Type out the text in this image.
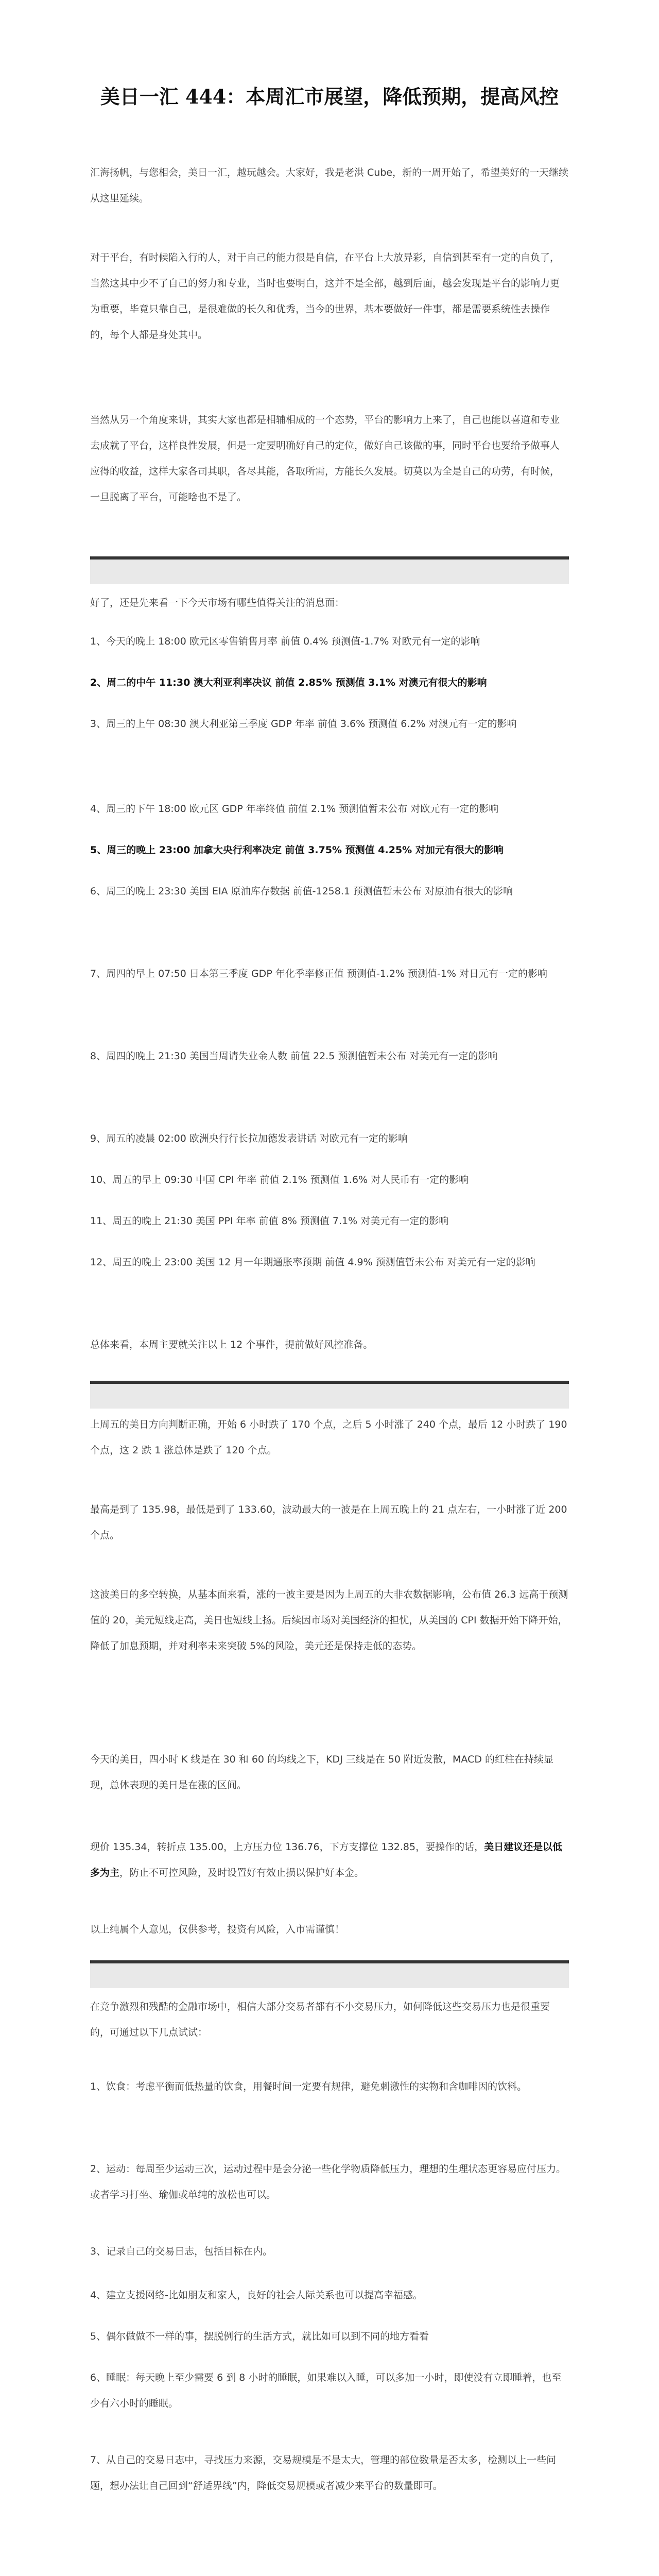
美日一汇 444：本周汇市展望，降低预期，提高风控

汇海扬帆，与您相会，美日一汇，越玩越会。大家好，我是老洪 Cube，新的一周开始了，希望美好的一天继续从这里延续。

对于平台，有时候陷入行的人，对于自己的能力很是自信，在平台上大放异彩，自信到甚至有一定的自负了，当然这其中少不了自己的努力和专业，当时也要明白，这并不是全部，越到后面，越会发现是平台的影响力更为重要，毕竟只靠自己，是很难做的长久和优秀，当今的世界，基本要做好一件事，都是需要系统性去操作的，每个人都是身处其中。

当然从另一个角度来讲，其实大家也都是相辅相成的一个态势，平台的影响力上来了，自己也能以喜道和专业去成就了平台，这样良性发展，但是一定要明确好自己的定位，做好自己该做的事，同时平台也要给予做事人应得的收益，这样大家各司其职，各尽其能，各取所需，方能长久发展。切莫以为全是自己的功劳，有时候，一旦脱离了平台，可能啥也不是了。

好了，还是先来看一下今天市场有哪些值得关注的消息面：

1、今天的晚上 18:00 欧元区零售销售月率 前值 0.4% 预测值-1.7% 对欧元有一定的影响

2、周二的中午 11:30 澳大利亚利率决议 前值 2.85% 预测值 3.1% 对澳元有很大的影响

3、周三的上午 08:30 澳大利亚第三季度 GDP 年率 前值 3.6% 预测值 6.2% 对澳元有一定的影响

4、周三的下午 18:00 欧元区 GDP 年率终值 前值 2.1% 预测值暂未公布 对欧元有一定的影响

5、周三的晚上 23:00 加拿大央行利率决定 前值 3.75% 预测值 4.25% 对加元有很大的影响

6、周三的晚上 23:30 美国 EIA 原油库存数据 前值-1258.1 预测值暂未公布 对原油有很大的影响

7、周四的早上 07:50 日本第三季度 GDP 年化季率修正值 预测值-1.2% 预测值-1% 对日元有一定的影响

8、周四的晚上 21:30 美国当周请失业金人数 前值 22.5 预测值暂未公布 对美元有一定的影响

9、周五的凌晨 02:00 欧洲央行行长拉加德发表讲话 对欧元有一定的影响

10、周五的早上 09:30 中国 CPI 年率 前值 2.1% 预测值 1.6% 对人民币有一定的影响

11、周五的晚上 21:30 美国 PPI 年率 前值 8% 预测值 7.1% 对美元有一定的影响

12、周五的晚上 23:00 美国 12 月一年期通胀率预期 前值 4.9% 预测值暂未公布 对美元有一定的影响

总体来看，本周主要就关注以上 12 个事件，提前做好风控准备。

上周五的美日方向判断正确，开始 6 小时跌了 170 个点，之后 5 小时涨了 240 个点，最后 12 小时跌了 190 个点，这 2 跌 1 涨总体是跌了 120 个点。

最高是到了 135.98，最低是到了 133.60，波动最大的一波是在上周五晚上的 21 点左右，一小时涨了近 200 个点。

这波美日的多空转换，从基本面来看，涨的一波主要是因为上周五的大非农数据影响，公布值 26.3 远高于预测值的 20，美元短线走高，美日也短线上扬。后续因市场对美国经济的担忧，从美国的 CPI 数据开始下降开始，降低了加息预期，并对利率未来突破 5%的风险，美元还是保持走低的态势。

今天的美日，四小时 K 线是在 30 和 60 的均线之下，KDJ 三线是在 50 附近发散，MACD 的红柱在持续显现，总体表现的美日是在涨的区间。

现价 135.34，转折点 135.00，上方压力位 136.76，下方支撑位 132.85，要操作的话，美日建议还是以低多为主，防止不可控风险，及时设置好有效止损以保护好本金。

以上纯属个人意见，仅供参考，投资有风险，入市需谨慎！

在竞争激烈和残酷的金融市场中，相信大部分交易者都有不小交易压力，如何降低这些交易压力也是很重要的，可通过以下几点试试：

1、饮食：考虑平衡而低热量的饮食，用餐时间一定要有规律，避免刺激性的实物和含咖啡因的饮料。

2、运动：每周至少运动三次，运动过程中是会分泌一些化学物质降低压力，理想的生理状态更容易应付压力。或者学习打坐、瑜伽或单纯的放松也可以。

3、记录自己的交易日志，包括目标在内。

4、建立支援网络-比如朋友和家人，良好的社会人际关系也可以提高幸福感。

5、偶尔做做不一样的事，摆脱例行的生活方式，就比如可以到不同的地方看看

6、睡眠：每天晚上至少需要 6 到 8 小时的睡眠，如果难以入睡，可以多加一小时，即使没有立即睡着，也至少有六小时的睡眠。

7、从自己的交易日志中，寻找压力来源，交易规模是不是太大，管理的部位数量是否太多，检测以上一些问题，想办法让自己回到“舒适界线”内，降低交易规模或者减少来平台的数量即可。
